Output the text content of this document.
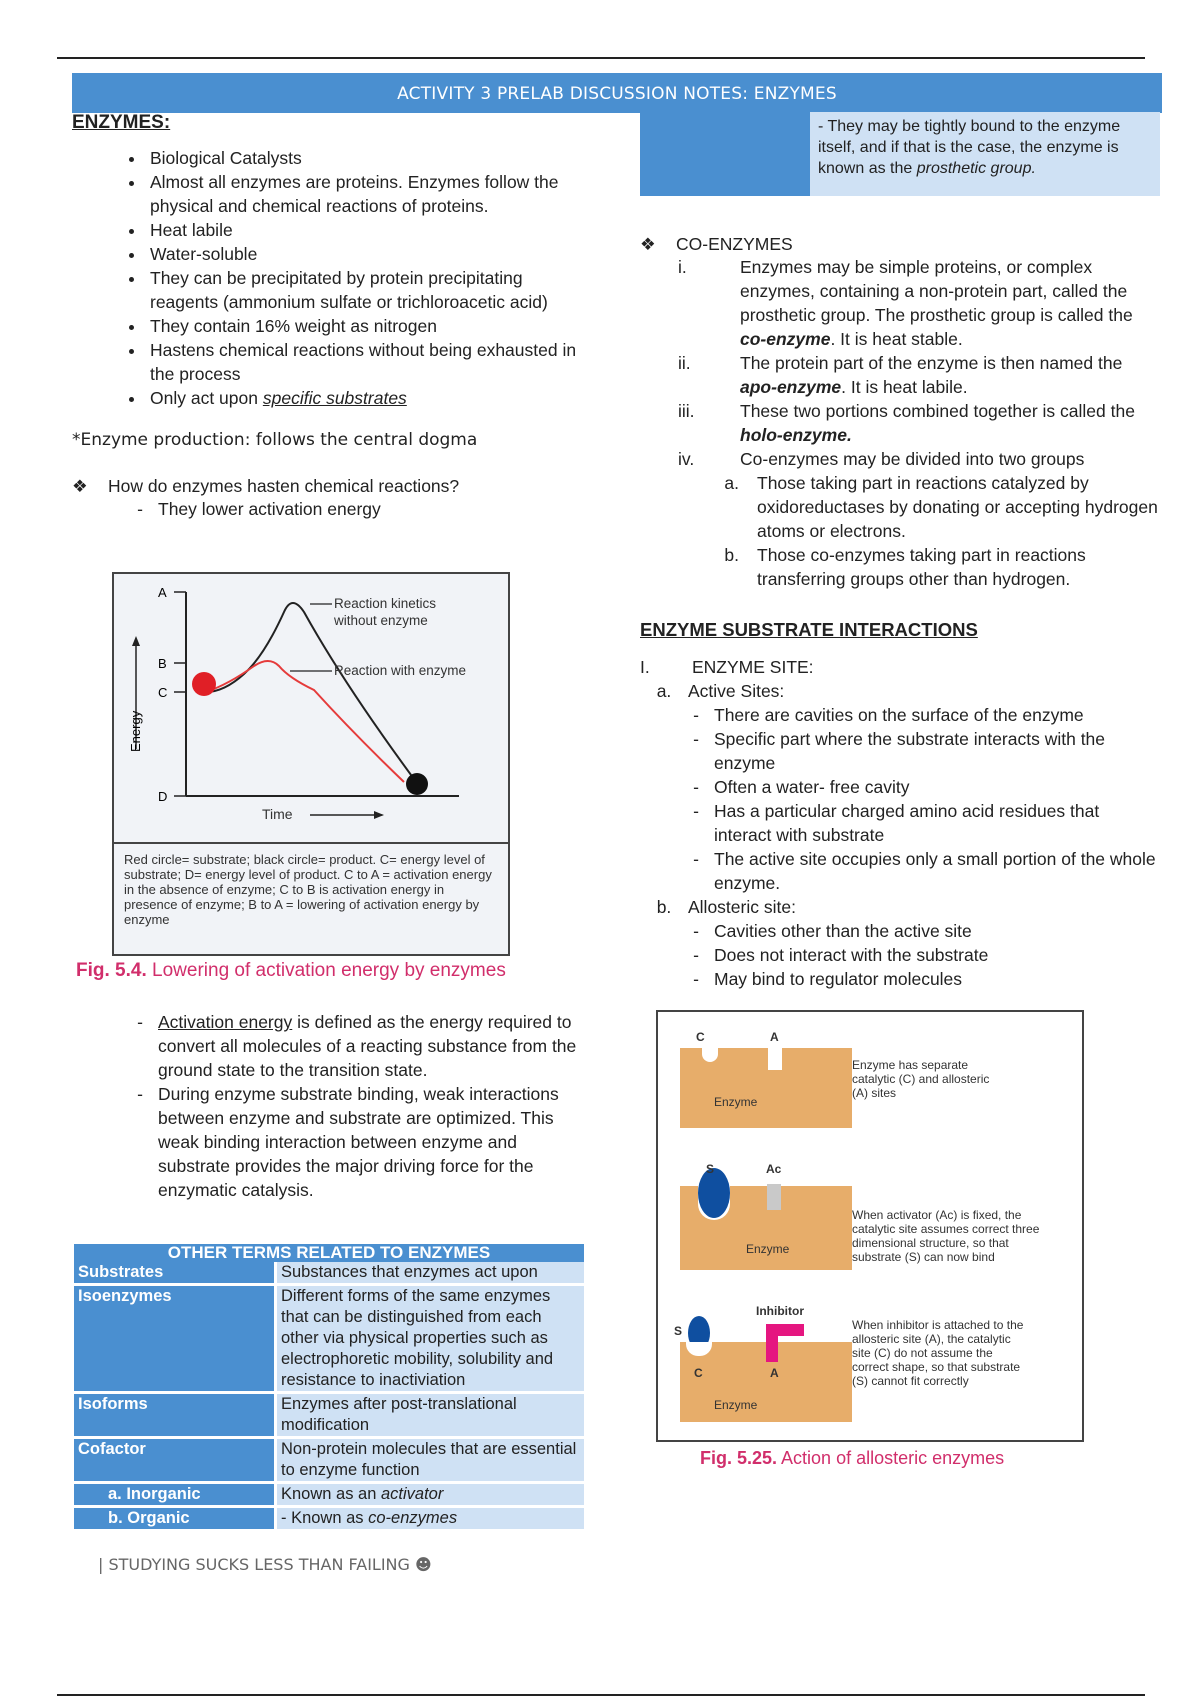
ACTIVITY 3 PRELAB DISCUSSION NOTES: ENZYMES
ENZYMES:
• Biological Catalysts
• Almost all enzymes are proteins. Enzymes follow the physical and chemical reactions of proteins.
• Heat labile
• Water-soluble
• They can be precipitated by protein precipitating reagents (ammonium sulfate or trichloroacetic acid)
• They contain 16% weight as nitrogen
• Hastens chemical reactions without being exhausted in the process
• Only act upon specific substrates

*Enzyme production: follows the central dogma

❖	How do enzymes hasten chemical reactions?
- They lower activation energy
A
B
C
D
Energy
Reaction kinetics
without enzyme
Reaction with enzyme
Time
Red circle= substrate; black circle= product. C= energy level of substrate; D= energy level of product. C to A = activation energy in the absence of enzyme; C to B is activation energy in presence of enzyme; B to A = lowering of activation energy by enzyme

Fig. 5.4. Lowering of activation energy by enzymes

- Activation energy is defined as the energy required to convert all molecules of a reacting substance from the ground state to the transition state.
- During enzyme substrate binding, weak interactions between enzyme and substrate are optimized. This weak binding interaction between enzyme and substrate provides the major driving force for the enzymatic catalysis.
OTHER TERMS RELATED TO ENZYMES	
Substrates	Substances that enzymes act upon
Isoenzymes	Different forms of the same enzymes that can be distinguished from each other via physical properties such as electrophoretic mobility, solubility and resistance to inactiviation
Isoforms	Enzymes after post-translational modification
Cofactor	Non-protein molecules that are essential to enzyme function
a. Inorganic	Known as an activator
b. Organic	- Known as co-enzymes
| STUDYING SUCKS LESS THAN FAILING ☻
- They may be tightly bound to the enzyme itself, and if that is the case, the enzyme is known as the prosthetic group.
❖	CO-ENZYMES
i.	Enzymes may be simple proteins, or complex enzymes, containing a non-protein part, called the prosthetic group. The prosthetic group is called the co-enzyme. It is heat stable.
ii.	The protein part of the enzyme is then named the apo-enzyme. It is heat labile.
iii.	These two portions combined together is called the holo-enzyme.
iv.	Co-enzymes may be divided into two groups
a.	Those taking part in reactions catalyzed by oxidoreductases by donating or accepting hydrogen atoms or electrons.
b.	Those co-enzymes taking part in reactions transferring groups other than hydrogen.
ENZYME SUBSTRATE INTERACTIONS
I.	ENZYME SITE:
a. Active Sites:
- There are cavities on the surface of the enzyme
- Specific part where the substrate interacts with the enzyme
- Often a water- free cavity
- Has a particular charged amino acid residues that interact with substrate
- The active site occupies only a small portion of the whole enzyme.
b. Allosteric site:
- Cavities other than the active site
- Does not interact with the substrate
- May bind to regulator molecules
C	A
Enzyme
Enzyme has separate catalytic (C) and allosteric (A) sites
S	Ac
Enzyme
When activator (Ac) is fixed, the catalytic site assumes correct three dimensional structure, so that substrate (S) can now bind
S
Inhibitor
C	A
Enzyme
When inhibitor is attached to the allosteric site (A), the catalytic site (C) do not assume the correct shape, so that substrate (S) cannot fit correctly
Fig. 5.25. Action of allosteric enzymes
